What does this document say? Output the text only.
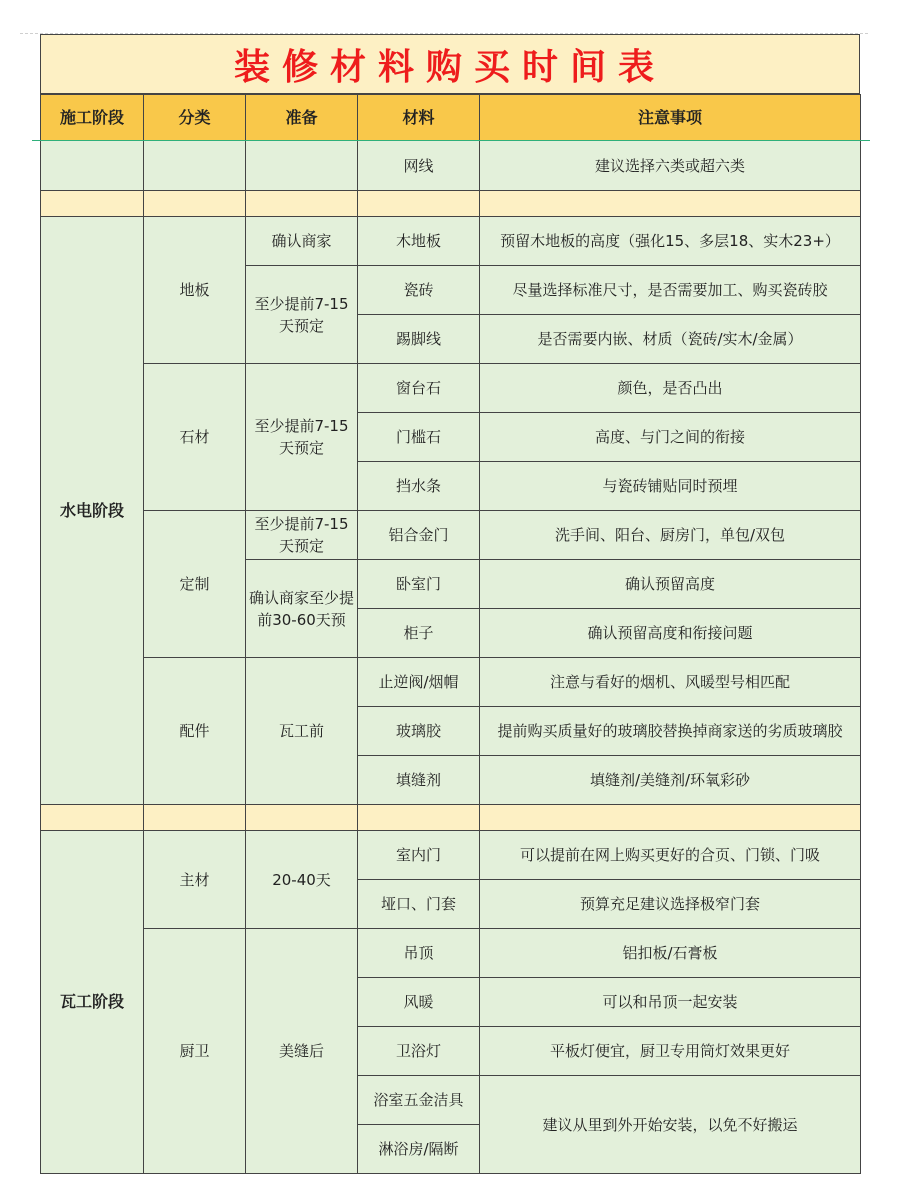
装修材料购买时间表
施工阶段	分类	准备	材料	注意事项
			网线	建议选择六类或超六类

水电阶段	地板	确认商家	木地板	预留木地板的高度（强化15、多层18、实木23+）
		至少提前7-15天预定	瓷砖	尽量选择标准尺寸，是否需要加工、购买瓷砖胶
			踢脚线	是否需要内嵌、材质（瓷砖/实木/金属）
	石材	至少提前7-15天预定	窗台石	颜色，是否凸出
			门槛石	高度、与门之间的衔接
			挡水条	与瓷砖铺贴同时预埋
	定制	至少提前7-15天预定	铝合金门	洗手间、阳台、厨房门，单包/双包
		确认商家至少提前30-60天预	卧室门	确认预留高度
			柜子	确认预留高度和衔接问题
	配件	瓦工前	止逆阀/烟帽	注意与看好的烟机、风暖型号相匹配
			玻璃胶	提前购买质量好的玻璃胶替换掉商家送的劣质玻璃胶
			填缝剂	填缝剂/美缝剂/环氧彩砂

瓦工阶段	主材	20-40天	室内门	可以提前在网上购买更好的合页、门锁、门吸
			垭口、门套	预算充足建议选择极窄门套
	厨卫	美缝后	吊顶	铝扣板/石膏板
			风暖	可以和吊顶一起安装
			卫浴灯	平板灯便宜，厨卫专用筒灯效果更好
			浴室五金洁具	建议从里到外开始安装，以免不好搬运
			淋浴房/隔断	
